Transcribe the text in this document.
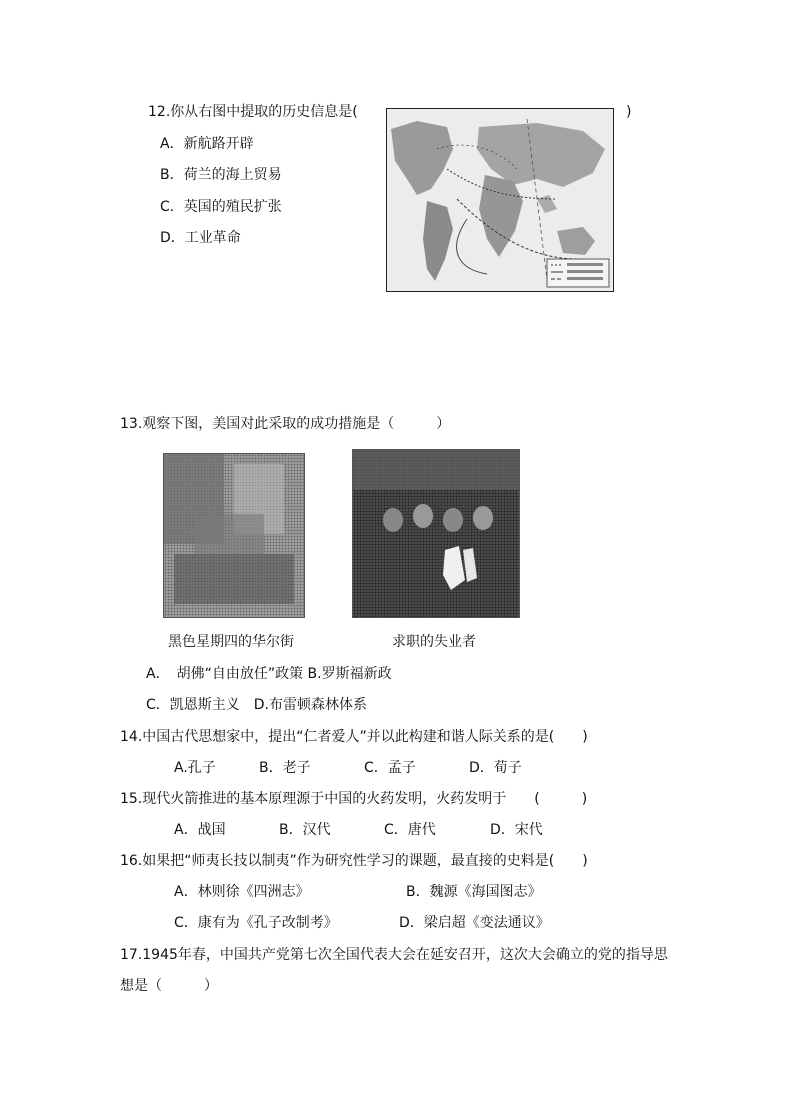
12.你从右图中提取的历史信息是(	)
A．新航路开辟
B．荷兰的海上贸易
C．英国的殖民扩张
D．工业革命
13.观察下图，美国对此采取的成功措施是（　　　）
黑色星期四的华尔街	求职的失业者
A．　胡佛“自由放任”政策 B.罗斯福新政
C．凯恩斯主义　D.布雷顿森林体系
14.中国古代思想家中，提出“仁者爱人”并以此构建和谐人际关系的是(　　)
A.孔子	B．老子	C．孟子	D．荀子
15.现代火箭推进的基本原理源于中国的火药发明，火药发明于　　(　　　)
A．战国	B．汉代	C．唐代	D．宋代
16.如果把“师夷长技以制夷”作为研究性学习的课题，最直接的史料是(　　)
A．林则徐《四洲志》	B．魏源《海国图志》
C．康有为《孔子改制考》	D．梁启超《变法通议》
17.1945年春，中国共产党第七次全国代表大会在延安召开，这次大会确立的党的指导思
想是（　　　）
